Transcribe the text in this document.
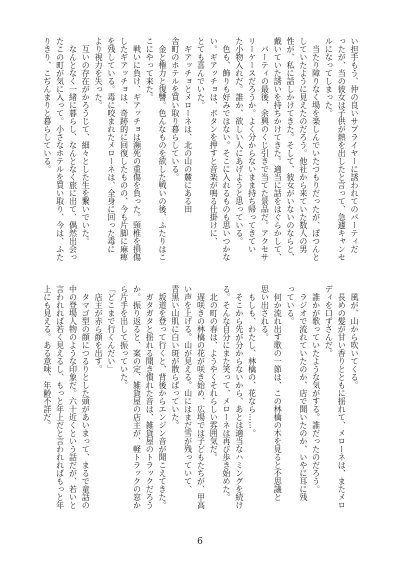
い担手もう、仲の良いサプライヤーに誘われてのパーティだ
ったが、当の彼女は子供が熱を出したと言って、急遽キャンセ
ルになってしまった。
当たり障りなく場を楽しんでいたつもりだったが、ぽつんと
していたように見えたのだろう。他社から来ていた数人の男
性が、私に話しかけてきた。そして、彼女がいないのならと、
戴いていた誘いを持ちかけてきた。適当に話をはぐらかして、
パーティの最後、余興のくじ引きで当てた景品だ。アクセサ
リーケースだろうか。よく分からないまま持ち帰ってきてい
た小物入れだ。誰か、欲しい人にあげようと思っている。
色も、飾りも好みではない。そこに入れるものも思いつかな
い。ギアッチョは、ボタンを押すと音楽が鳴る仕掛けに、
とても喜んでいた。
ギアッチョとメローネは、北の山の麓にある田
舎町のホテルを買い取り暮らしている。
金と権力と復讐。色んなものを欲した戦いの後、ふたりはこ
こにやって来た。
戦いに負け、ギアッチョは瀕死の重傷を負った。頸椎を損傷
したギアッチョは、奇跡的に回復したものの、今も片脚に麻痺
を残している。毒に咬まれたメローネは、全身に回った毒に
より視力を失った。
互いの存在がかろうじて、細々とした生を繋いでいた。
なんとなく一緒に暮らし、なんとなく旅に出て、偶然出会っ
たこの町が気に入って。小さなホテルを買い取り、今は、ふた
りきり、こぢんまりと暮らしている。
風が、山から吹いてくる。
長めの髪が甘い香りとともに揺れて、メローネは、またメロ
ディを口ずさんだ。
誰かが歌っていたような気がする。誰だったのだろう。
ラジオで流れていたのか、店で聞いたのか、いやに耳に残
っている。
何か流れ出す歌の一節は、この林檎の木を見ると不思議と
思い出される。
もしも、わたし、林檎の、花なら……。
そこから先が分からないから、あとは適当なハミングを続け
る。そんな自分にまた笑って、メローネは再び歩き始めた。
北の町の春は、ようやくそれらしい雰囲気だ。
遅咲きの林檎の花が咲き始め、広場では子どもたちが、甲高
い声を上げる。山が見える。山にはまだ雪が残っていて、
青黒い山肌に白い斑が散らばっていた。
坂道を登って行くと、背後からエンジン音が聞こえてきた。
ガタガタと揺れる聞き慣れた音は、雑貨屋のトラックだろう
か。振り返ると、案の定、雑貨屋の店主が、軽トラックの窓か
ら片手を出して振っていた。
「どこまで行くんだい」
店主が赤ら顔を出す。
タマゴ型の顔につるりとした頭があいまって、まるで童話の
中の登場人物のような印象だ。六十近くという話だが、若いと
言われれば若く見えるし、もっと年上だと言われればもっと年
上にも見える。ある意味、年齢不詳だ。
6
